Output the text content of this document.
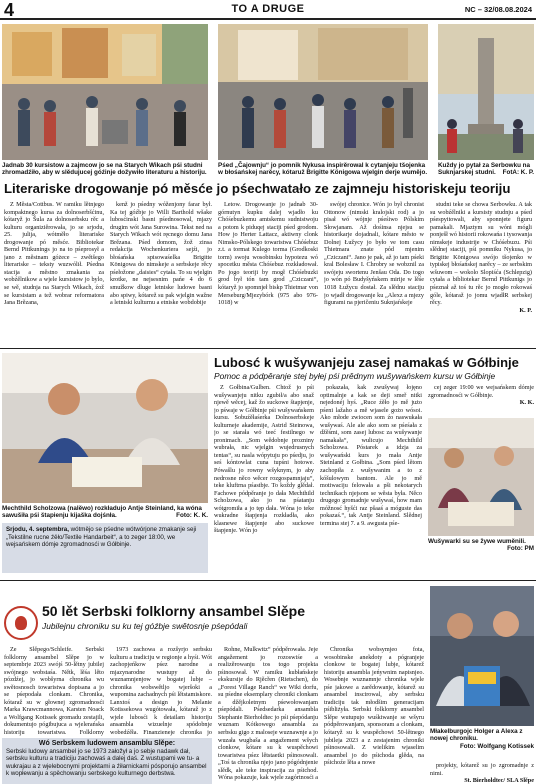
4	TO A DRUGE	NC – 32/08.08.2024
Jadnab 30 kursistow a zajmcow jo se na Starych Wikach pśi studni zhromadźiło, aby w slědujucej góźinje dožywiło literaturu a historiju.
Pśed „Čajownju“ jo pomnik Nykusa inspirěrowal k cytanjeju tšojenka w błośańskej narěcy, kótaruž Brigitte Königowa wjelgin derje wumějo.
Kuždy jo pytał za Serbowku na Suknjarskej studni. FotA: K. P.
Literariske drogowanje pó měsće jo pśechwatało ze zajmneju historiskeju teoriju

Z Města/Cottbus. W ramiku lětnjego kompaktnego kursa za dolnoserbšćinu, kótaryž jo Šula za dolnoserbsku rěc a kulturu organiziěrowała, jo se srjodu, 25. julija, wótměło literariske drogowanje pó měsće. Bibliotekar Bernd Pittkunings jo na to pśeprosył a jano z městnam góżece – zwětšego literariske – teksty wuzwólił. Pśedna stacija a městno zmakania za wobźělnikow a wjele kursistow jo bylo, se wě, studnja na Starych Wikach, źož se kursistam a tež wobrar reformatora Jana Brězana,

kenž jo pśedny wóženjony farar był. Ka tej góźbje jo Willi Barthold wšake lubosćinski basni pśednosowal, mjazy drugim wót Jana Surowina. Tekst ned na Starych Wikach wót ręcnego domu Jana Brězana. Pśed domom, žož zinsa redakcija Wochenkuriera sejźi, jo błośańska spisowaśelka Brigitte Königowa do nimskeje a serbskeje rěcy pśełožone „daisies“ cytała. To su wjelgin krotke, ne nejsesnim pańe 4 do 6 smužkow dluge letniske ludowe basni abo spiwy, kótarež su pak wjelgin wažne a letniski kulturnu a etniske wobdobije

Letow. Drogowanje jo jadnab 30-górnutyn kupku dalej wjadło ku Chóśebuzkemu amtskemu sudnistwoju a potom k piduqej staciji pśed grodom. How jo Herter Lattacz, aktiwny clonk Nimsko-Pólskego towaristwa Chóśebuz z.t. a tormat Kulego torma (Grodkoski torm) swoju wosobinsku hypotezu wó spocetku města Chóśebuz rozkładował. Po jogo teoriji by mogł Chóśebuzki grod był tón tam grod „Cziczani“, kótaryž jo spomnjeł biskp Thietmar von Merseburg/Mjezybórk (975 abo 976-1018) w

swójej chronice. Wón jo był chronist Ottonow (nimski kralojski rod) a jo pisał wó wójnje pśeśiwo Pólskim Słowjanam. Až dośinsa njejsu se historikarje dojadnali, kótare město w Dolnej Łužycy jo było ve tom casu Thietmara znate pód mjenim „Cziczani“. Jano je pak, až jo tam pśeki kral Bolesław I. Chrobry se wobznil za swójeju swortenu Jenšau Oda. Do togo jo wón pó Budyšyńskem mirije w lěśe 1018 Łužycu dostał. Za slědnu staciju jo wjadł drogowanje ku „Alexz a mjezy figurami na pjeričeniu Suknjaŕskeje

studni teke se chowa Serbowku. A tak su wobźělniki a kursisty studnju a pśed pśespyitowali, aby sponnjete figuru pamakali. Mjaztym su wóni mógli ponješł wó historii rokowańa i tysowanja nimskeje industrije w Chóśebuzu. Pśi slědnej staciji, pśi pomniku Nykusa, jo Brigitte Königowa swójo tšojenko w typiskej błośańskej narěcy – ze serbskim wšuwom – wokolo Slopiśća (Schlepzig) cytała a bibliotekar Bernd Pittkunigs jo pśeznał až toś tu rěc jo mogło rokowaś góle, kótaraž jo jomu wjadłR serbskej rěcy.

K. P.

Mechthild Scholzowa (nalěwo) rozkładujo Antje Steinland, ka wóna sawušiła pśi štapienju kijaška dojśnła.	Foto: K. K.
Srjodu, 4. septembra, wótmějo se pśedne wótwórjone zmakanje seji „Tekstilne rucne źěło/Textile Handarbeit“, a to zeger 18:00, we wejsańskem dómje zgromadnosći w Gółbinje.
Lubosć k wušywanjeju zasej namakaś w Gółbinje
Pomoc a pódpěranje stej byłej pśi prědnym wušywańskem kursu w Gółbinje

Z Gołbina/Gulben. Chtož jo pśi wušywanjeju nitku zgubił/a abo snaž njewě wěcej, kaž žo suckowe štapjenje, jo pśwaje w Gółbinje pśi wušywańskem kursu. Sobuźěłaśerka Dolnoserbskeje kulturneje akademije, Astrid Steinowa, jo se starała wó teeć festilnego w pronimach. „Som wědobnje prozniny wubrała, nic wjelgin wujedrusnych tentas“, su nasla wópytuju po pśedju, jo seś kóntowlat cuna tupśni hotowe. Pówašlu jo rowny wšyknym, jo aby nedrosne něco wěcer rozgospamnjaju“, teke kluftrna pśastbje. To koždy glědał. Fachowe pódpěranje jo dała Mechthild Scholzowa, ako jo na pśatanju wótgromiła a jo tęp dała. Wóna jo teke wukradne štapjenja rozkładła, ako klasnewe štapjenje abo suckowe štapjenje. Wón jo

pokazała, kak zwušywaj łojęno optimalnje a kak se deji smeř nitki nejedonéj hyś. „Ruce źěło jo mě jużo pśeni lažaho a mě wjasele gożo wósoi. Ako młode zwiocen som źo naswukała wušywaś. Ale ale ako som se pśeśała z džěśmi, som zasej lubosc za wušywanje namakała“, wulicujo Mechthild Scholzowa. Póstarek a idzja za wušywański kurs jo mała Antje Steinland z Gołbina. „Som pśed lětom zachopiła z wušywanim a to z kóšulowym bantom. Ale jo mě motiwaciju felowała a pši nekotarych technikach njejsom se wěsta była. Něco drugego gromadnje wušywaś, how mam móžnosć hyšći raz pšaaś a móguste das pokazaś.“, tak Antje Steinland. Slědnej termina stej 7. a 9. awgusta pśe-

cej zeger 19:00 we wejsańskem dómje zgromadnosći w Gółbinje.

K. K.

Wušywarki su se žywe wuměnili.

Foto: PM
50 lět Serbski folklorny ansambel Slěpe
Jubilejnu chroniku su ku tej góźbje swětosnje pśepódali

Ze Slěpego/Schleife. Serbski folklorny ansambel Slěpe jo w septembrje 2023 swójś 50-lětny jubilej swójnego wobstaśa. Nětk, lěśa lěto pózdźej, jo wobšyrna chronika wu swětosnosch towaristwa dopisana a jo se pśepodała clonkam. Chronika, kótaraž su w głownej zgromadnosći Marka Krawcmannowa, Karsten Noack a Wolfgang Kotissek gromadu zestajili, dokumentujo pógibujuca a wjelerańska historiju towaristwa. Folklorny

1973 zachowa a rozšyrjo serbsku kulturu a tradiciju w regionje a hyśi. Wót zachopjeńkow pśez narodne a mjazynarodne wustupy až do wuznamnjenjow w bogatej lubje – chronika wobswětljo wjeršoki a wupomina zachadnych pśi lětstamiskore. Lanxtoś a design jo Melanie Kotissekowa wugótowała, kótaraž jo z wjele lubosći k detailam historiju ansambla wizuelnje spódobnje wobedźěła. Finanzieneje chronika jo

Rohne, Mulkwitz“ pódpěrowała. Jeje angažement jo rozoswiśe a realizěrowanju tos togo projekta pśinosował. W ramiku kubłańskeje ekskursije do Rjěcřen (Rietschen), do „Forest Village Ranch“ we Wiki dorfu, su pśedne eksemplary chroniki clonkam a džějkoletnym pśewołowanjam pśepódali. Pśedsedarka ansambla Stephanie Bierholdtec jo pśi pśepódanju wuznam Kótkowego ansambla za serbsku gigo z maloseje wuznawnje a jo wuzała wugbaša a angažement wšych clonkow, kótare su k wuspěchowi towaristwa pśez lětstaetki pśinosowali. „Toś ta chronika njejo jano pógódnjenie slědk, ale teke inspiracija za pśichod. Wóna pokazuje, kak wjele zagórtnosći a

Chronika wobsymjeo fota, wosobinske anekdoty a pógranjeje clonkow te bogatej lubje, kótarež historiju ansambla jeńywnim napisnjeo. Wosebnje wuznamnje chronika wjele pśe jakowe a zarědowanje, kótarež su ansambel inscirowal, aby serbsku tradiciju tak młodšim generacijam pśibliżyła. Serbski folklorny ansambel Slěpe wutupujo wuśkiwanje se wšyru pódpěrowanjam, sponsoram a clonkam, kótaryž su k wuspěchowi 50-lětnego jubileja 2023 a z zestajenim chroniki pśinosowali. Z wielikim wjaselim ansambel jo do pśichoda glěda, na pśichoźe lěta a nowe

Wó Serbskem ludowem ansamblu Slěpe:
Serbski ludowy ansambel jo se 1973 załožył a jo sebje nadawk dał, serbsku kulturu a tradiciju zachowaś a dalej daś. Z wustupami we tu- a wukrajau a z wjelebocnymi projektami a źiłarnickami pósporujo ansambel k wopłewanju a spěchowanju serbskego kulturnego derbstwa.
Młakelburgojc Holger a Alexa z nowej chroniku.
Foto: Wolfgang Kotissek

projekty, kótarež su jo zgromadnje z nimi.

St. Bierholdtec/ SLA Slěpe
